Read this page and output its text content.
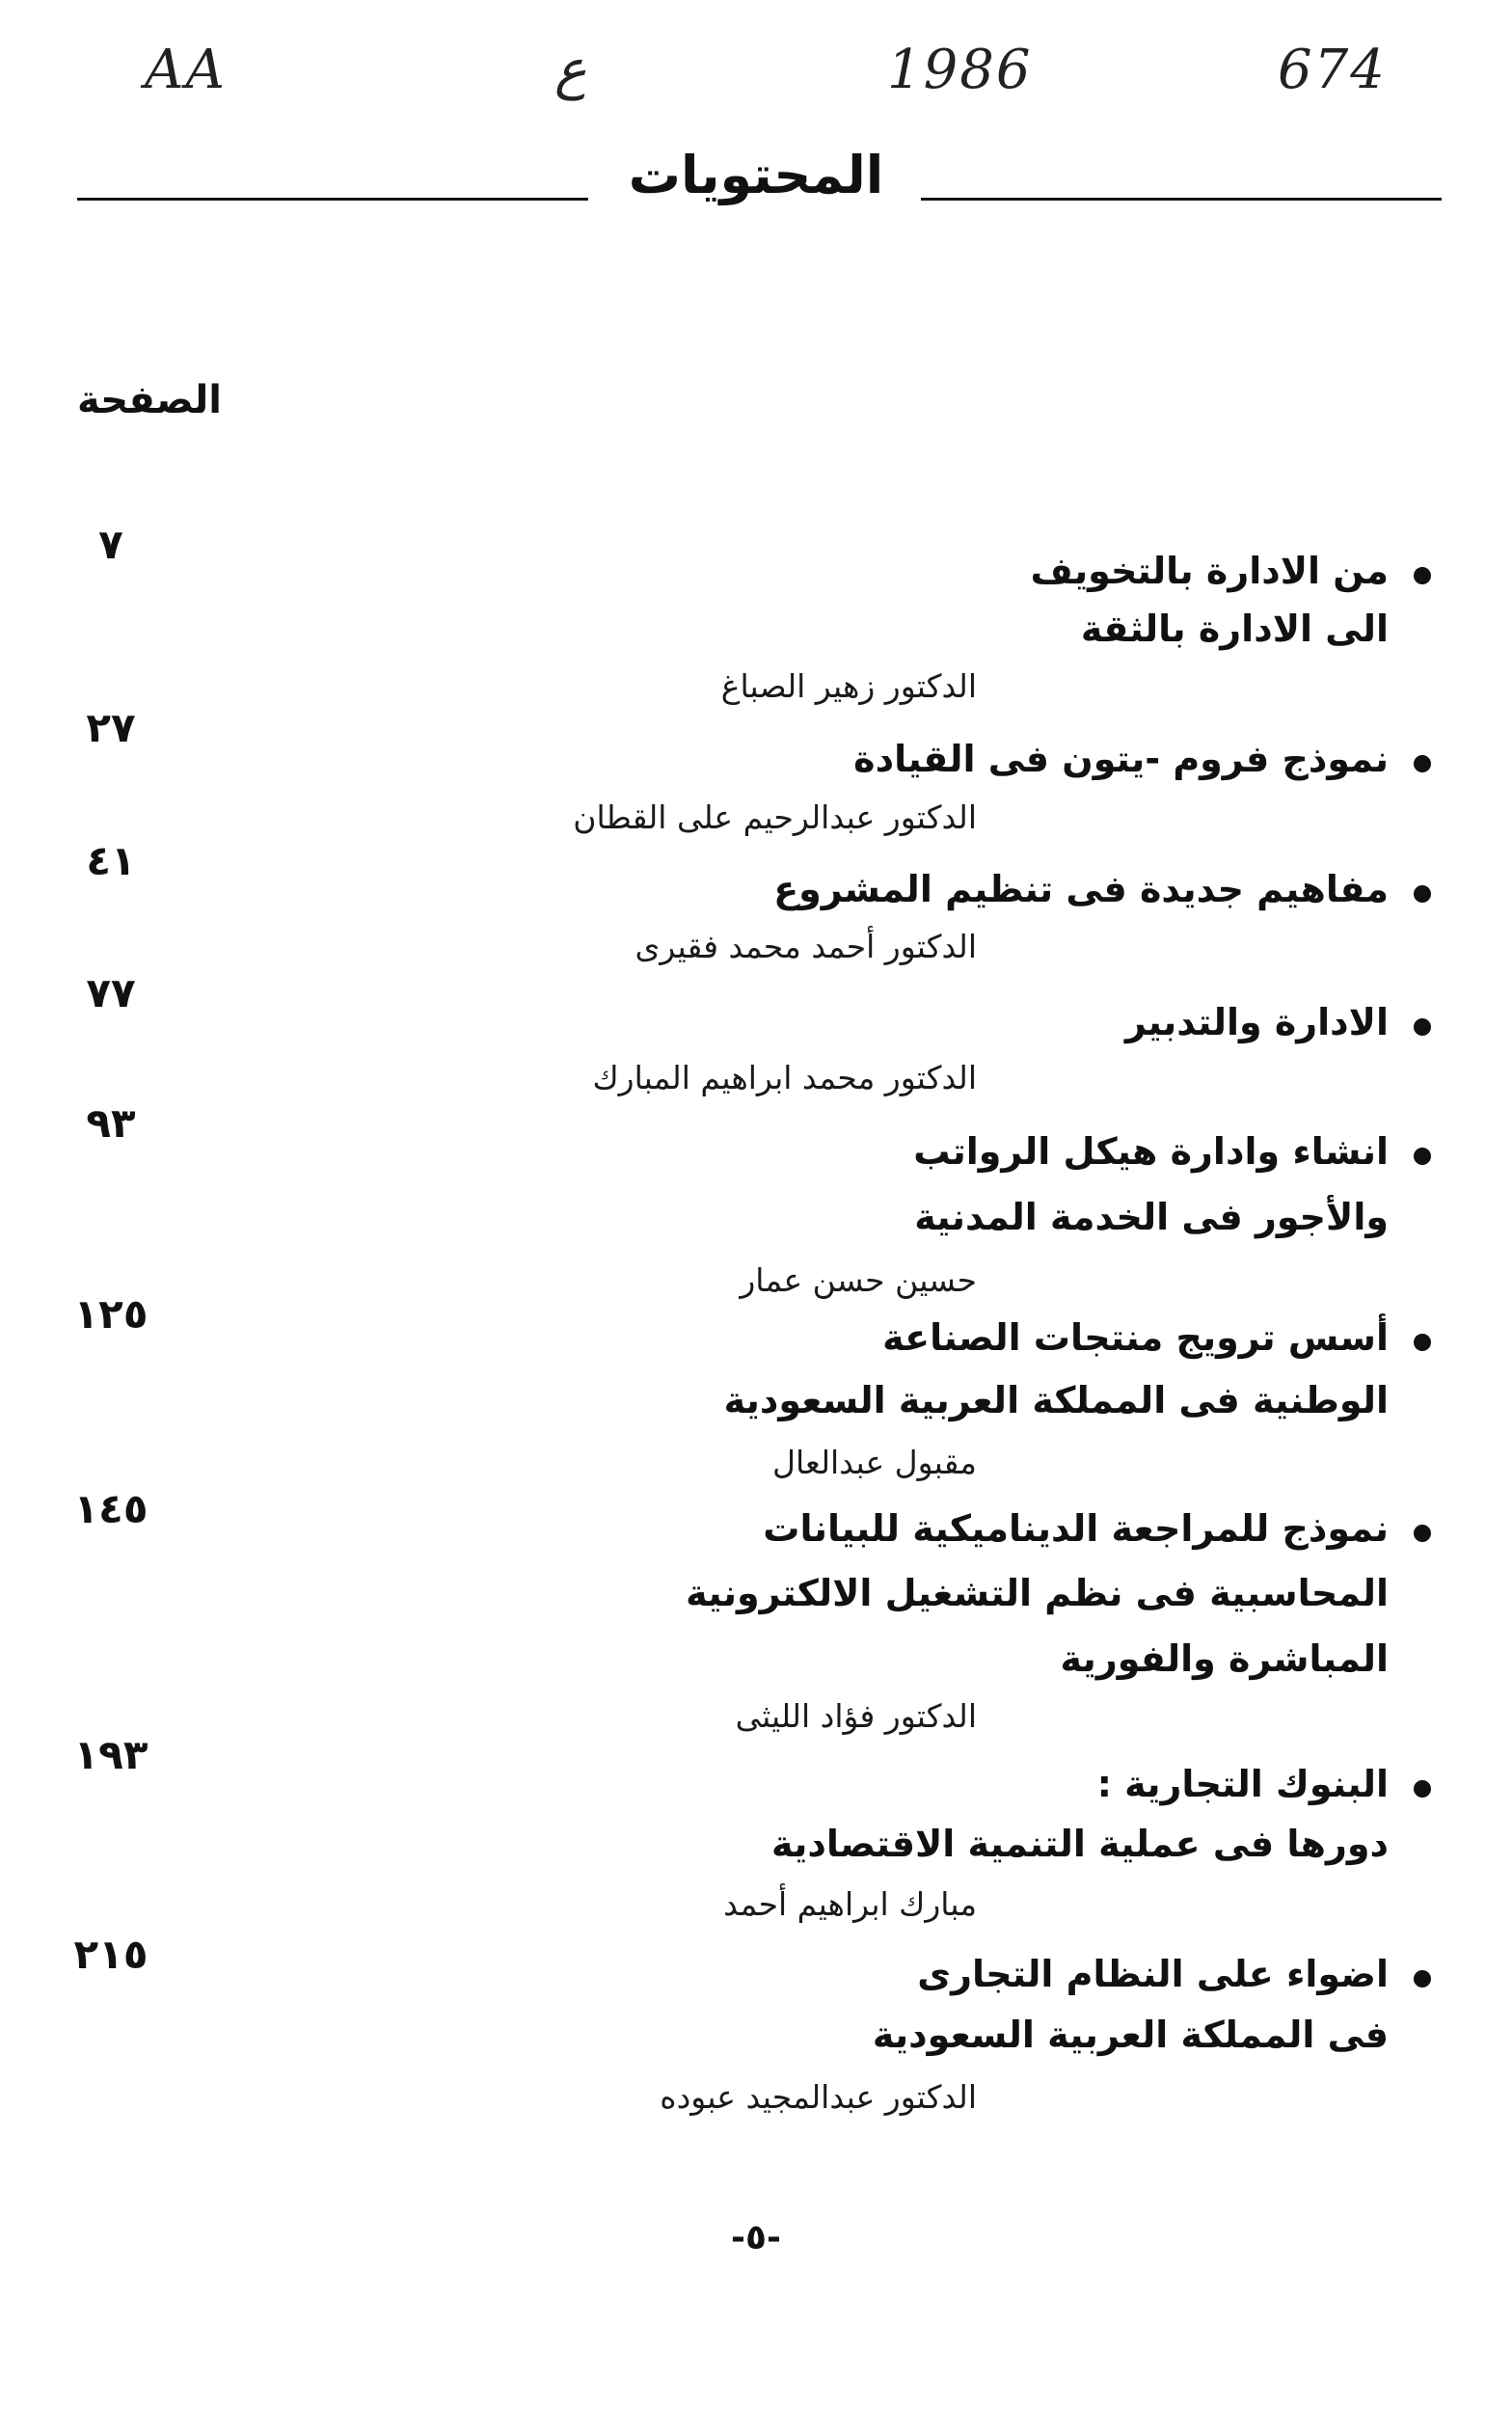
AA	ع	1986	674
المحتويات
الصفحة
٧
من الادارة بالتخويف
الى الادارة بالثقة
الدكتور زهير الصباغ
٢٧
نموذج فروم -يتون فى القيادة
الدكتور عبدالرحيم على القطان
٤١
مفاهيم جديدة فى تنظيم المشروع
الدكتور أحمد محمد فقيرى
٧٧
الادارة والتدبير
الدكتور محمد ابراهيم المبارك
٩٣
انشاء وادارة هيكل الرواتب
والأجور فى الخدمة المدنية
حسين حسن عمار
١٢٥	أسس ترويج منتجات الصناعة
الوطنية فى المملكة العربية السعودية
مقبول عبدالعال
١٤٥	نموذج للمراجعة الديناميكية للبيانات
المحاسبية فى نظم التشغيل الالكترونية
المباشرة والفورية
الدكتور فؤاد الليثى
١٩٣
البنوك التجارية :
دورها فى عملية التنمية الاقتصادية
مبارك ابراهيم أحمد
٢١٥	اضواء على النظام التجارى
فى المملكة العربية السعودية
الدكتور عبدالمجيد عبوده
-٥-
